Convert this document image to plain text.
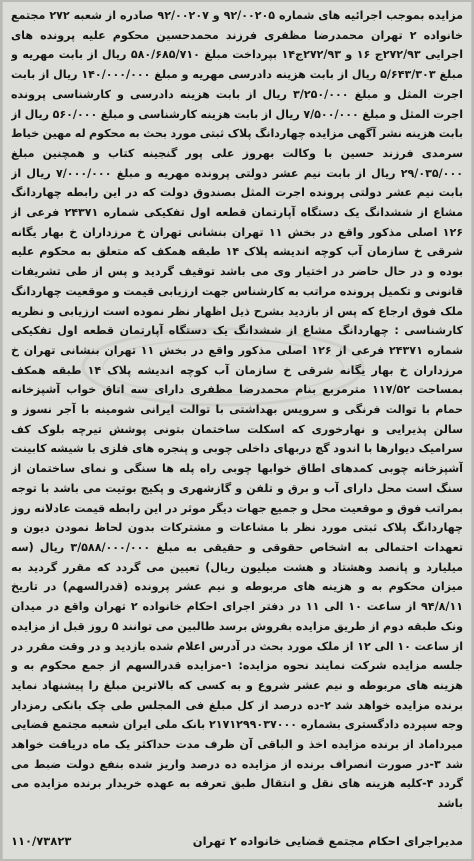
مزایده بموجب اجرائیه های شماره ۹۲/۰۰۲۰۵ و ۹۲/۰۰۲۰۷ صادره از شعبه ۲۷۲ مجتمع خانواده ۲ تهران محمدرضا مظفری فرزند محمدحسین محکوم علیه پرونده های اجرایی ۲۷۲/۹۳ج ۱۶ و ۲۷۲/۹۳ج۱۴ بپرداخت مبلغ ۵۸۰/۶۸۵/۷۱۰ ریال از بابت مهریه و مبلغ ۵/۶۴۳/۳۰۳ ریال از بابت هزینه دادرسی مهریه و مبلغ ۱۴۰/۰۰۰/۰۰۰ ریال از بابت اجرت المثل و مبلغ ۳/۲۵۰/۰۰۰ ریال از بابت هزینه دادرسی و کارشناسی پرونده اجرت المثل و مبلغ ۷/۵۰۰/۰۰۰ ریال از بابت هزینه کارشناسی و مبلغ ۵۶۰/۰۰۰ ریال از بابت هزینه نشر آگهی مزایده چهاردانگ پلاک ثبتی مورد بحث به محکوم له مهین خیاط سرمدی فرزند حسین با وکالت بهروز علی پور گنجینه کتاب و همچنین مبلغ ۲۹/۰۳۵/۰۰۰ ریال از بابت نیم عشر دولتی پرونده مهریه و مبلغ ۷/۰۰۰/۰۰۰ ریال از بابت نیم عشر دولتی پرونده اجرت المثل بصندوق دولت که در این رابطه چهاردانگ مشاع از ششدانگ یک دستگاه آپارتمان قطعه اول تفکیکی شماره ۲۴۳۷۱ فرعی از ۱۲۶ اصلی مذکور واقع در بخش ۱۱ تهران بنشانی تهران خ مرزداران خ بهار یگانه شرقی خ سازمان آب کوچه اندیشه پلاک ۱۴ طبقه همکف که متعلق به محکوم علیه بوده و در حال حاضر در اختیار وی می باشد توقیف گردید و پس از طی تشریفات قانونی و تکمیل پرونده مراتب به کارشناس جهت ارزیابی قیمت و موقعیت چهاردانگ ملک فوق ارجاع که پس از بازدید بشرح ذیل اظهار نظر نموده است ارزیابی و نظریه کارشناسی : چهاردانگ مشاع از ششدانگ یک دستگاه آپارتمان قطعه اول تفکیکی شماره ۲۴۳۷۱ فرعی از ۱۲۶ اصلی مذکور واقع در بخش ۱۱ تهران بنشانی تهران خ مرزداران خ بهار یگانه شرقی خ سازمان آب کوچه اندیشه پلاک ۱۴ طبقه همکف بمساحت ۱۱۷/۵۲ مترمربع بنام محمدرضا مظفری دارای سه اتاق خواب آشپزخانه حمام با توالت فرنگی و سرویس بهداشتی با توالت ایرانی شومینه با آجر نسوز و سالن پذیرایی و نهارخوری که اسکلت ساختمان بتونی پوشش تیرچه بلوک کف سرامیک دیوارها با اندود گچ دربهای داخلی چوبی و پنجره های فلزی با شیشه کابینت آشپزخانه چوبی کمدهای اطاق خوابها چوبی راه پله ها سنگی و نمای ساختمان از سنگ است محل دارای آب و برق و تلفن و گازشهری و پکیج بوتیت می باشد با توجه بمراتب فوق و موقعیت محل و جمیع جهات دیگر موثر در این رابطه قیمت عادلانه روز چهاردانگ پلاک ثبتی مورد نظر با مشاعات و مشترکات بدون لحاظ نمودن دیون و تعهدات احتمالی به اشخاص حقوقی و حقیقی به مبلغ ۳/۵۸۸/۰۰۰/۰۰۰ ریال (سه میلیارد و پانصد وهشتاد و هشت میلیون ریال) تعیین می گردد که مقرر گردید به میزان محکوم به و هزینه های مربوطه و نیم عشر پرونده (قدرالسهم) در تاریخ ۹۴/۸/۱۱ از ساعت ۱۰ الی ۱۱ در دفتر اجرای احکام خانواده ۲ تهران واقع در میدان ونک طبقه دوم از طریق مزایده بفروش برسد طالبین می توانند ۵ روز قبل از مزایده از ساعت ۱۰ الی ۱۲ از ملک مورد بحث در آدرس اعلام شده بازدید و در وقت مقرر در جلسه مزایده شرکت نمایند نحوه مزایده: ۱-مزایده قدرالسهم از جمع محکوم به و هزینه های مربوطه و نیم عشر شروع و به کسی که بالاترین مبلغ را پیشنهاد نماید برنده مزایده خواهد شد ۲-ده درصد از کل مبلغ فی المجلس طی چک بانکی رمزدار وجه سپرده دادگستری بشماره ۲۱۷۱۲۹۹۰۳۷۰۰۰ بانک ملی ایران شعبه مجتمع قضایی میرداماد از برنده مزایده اخذ و الباقی آن ظرف مدت حداکثر یک ماه دریافت خواهد شد ۳-در صورت انصراف برنده از مزایده ده درصد واریز شده بنفع دولت ضبط می گردد ۴-کلیه هزینه های نقل و انتقال طبق تعرفه به عهده خریدار برنده مزایده می باشد

مدیراجرای احکام مجتمع قضایی خانواده ۲ تهران
۱۱۰/۷۳۸۲۳
